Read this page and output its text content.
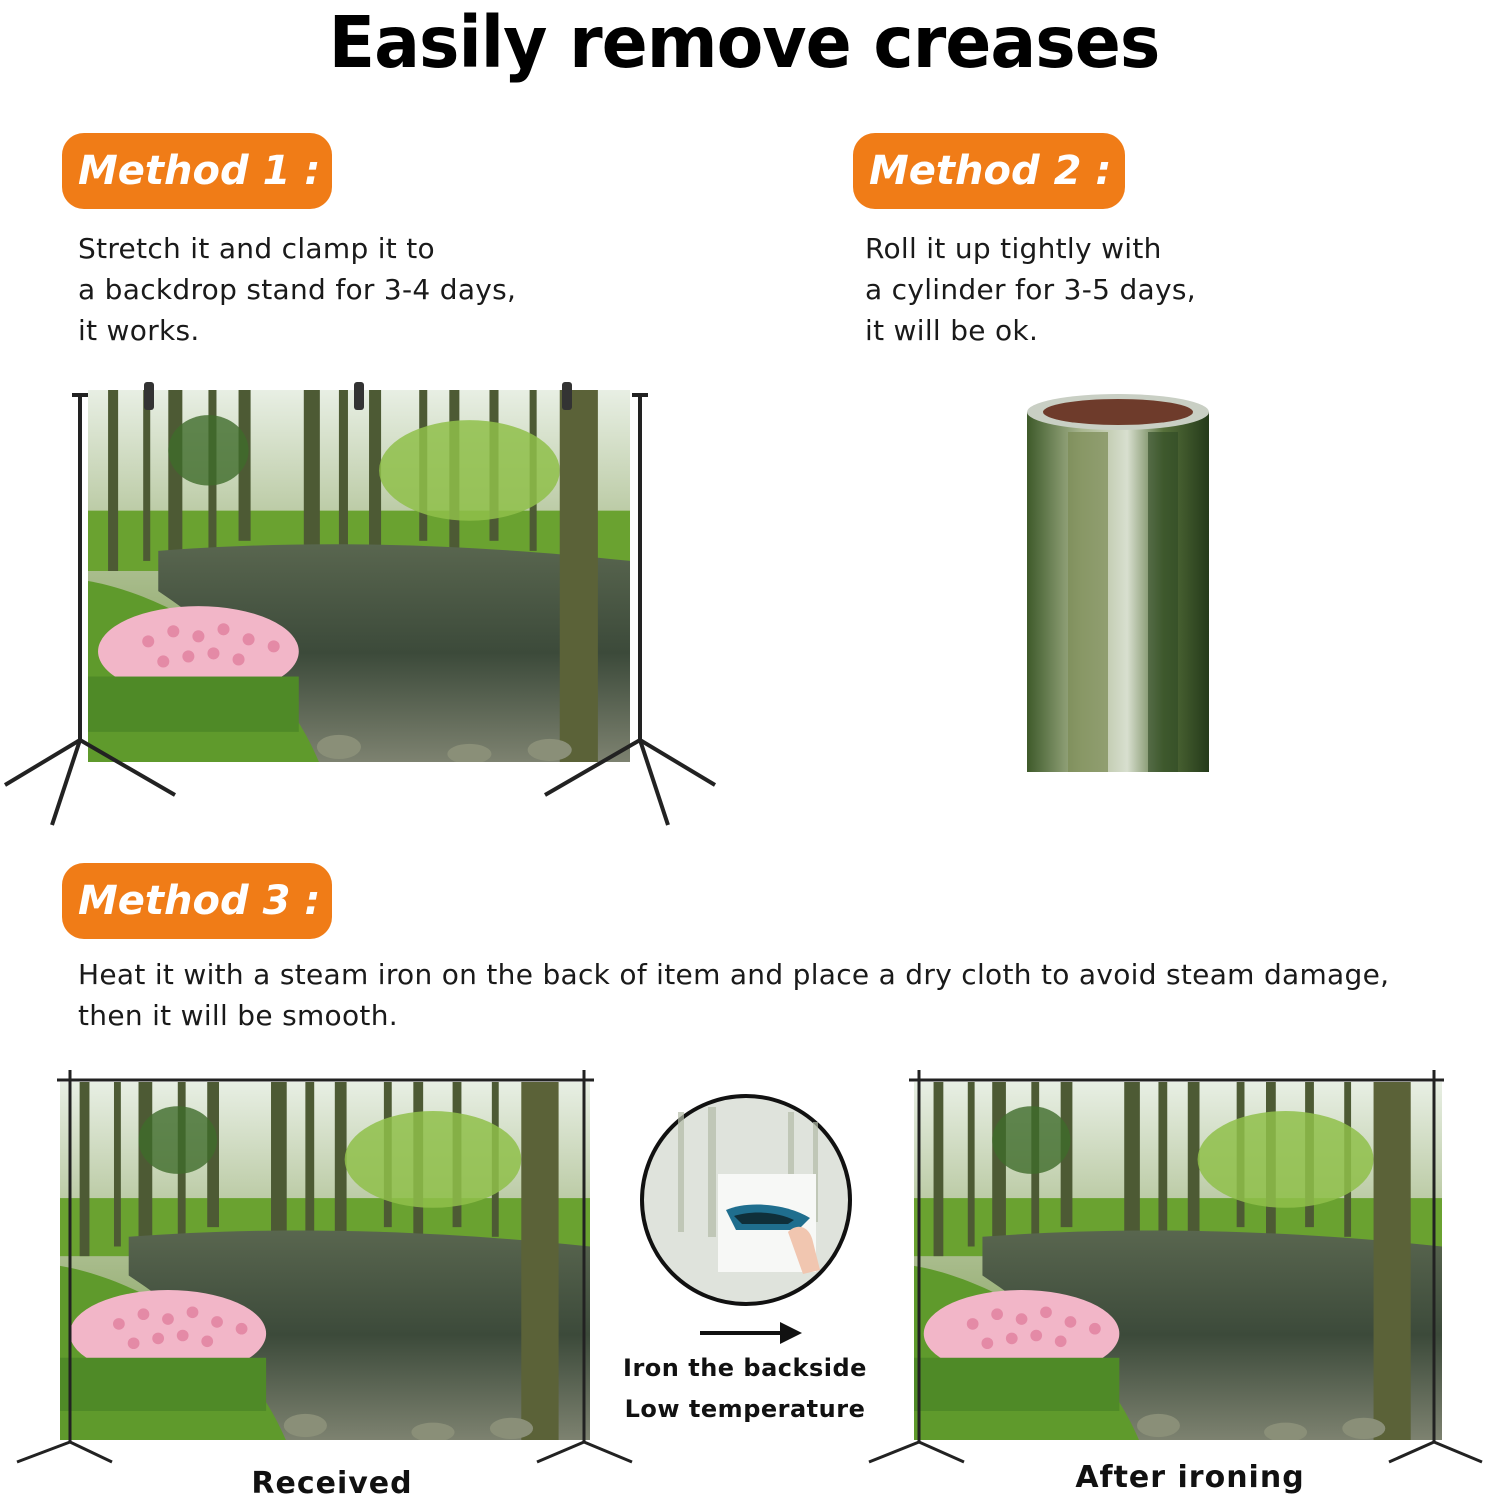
Easily remove creases
Method 1 :
Stretch it and clamp it to
a backdrop stand for 3-4 days,
it works.
Method 2 :
Roll it up tightly with
a cylinder for 3-5 days,
it will be ok.
Method 3 :
Heat it with a steam iron on the back of item and place a dry cloth to avoid steam damage,
then it will be smooth.
Received
Iron the backside
Low temperature
After ironing
